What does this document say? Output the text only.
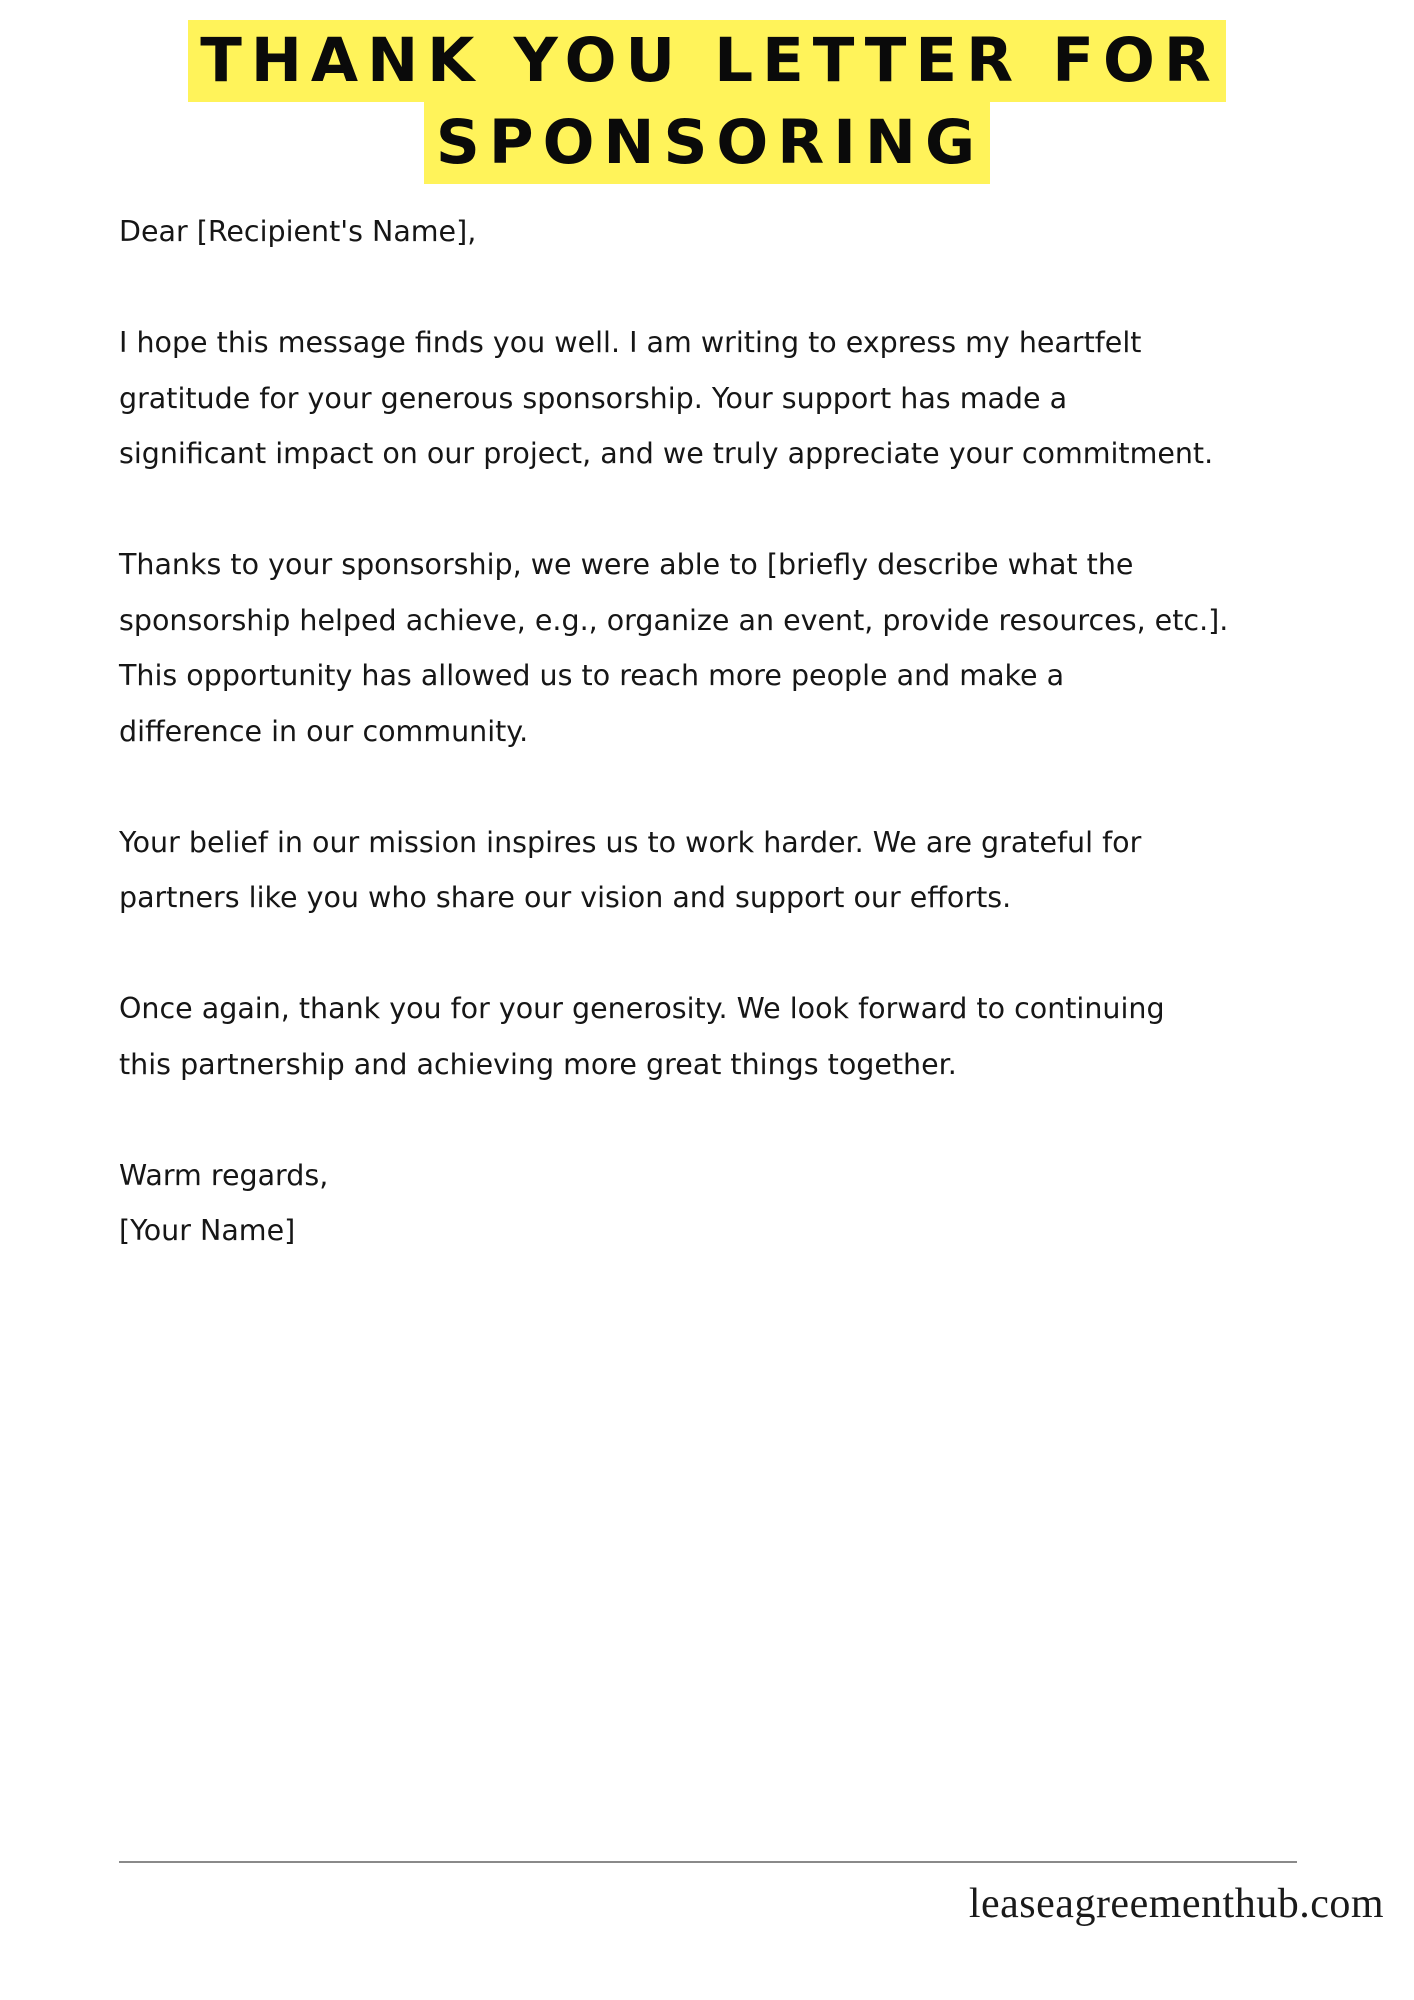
THANK YOU LETTER FOR
SPONSORING

Dear [Recipient's Name],

I hope this message finds you well. I am writing to express my heartfelt
gratitude for your generous sponsorship. Your support has made a
significant impact on our project, and we truly appreciate your commitment.

Thanks to your sponsorship, we were able to [briefly describe what the
sponsorship helped achieve, e.g., organize an event, provide resources, etc.].
This opportunity has allowed us to reach more people and make a
difference in our community.

Your belief in our mission inspires us to work harder. We are grateful for
partners like you who share our vision and support our efforts.

Once again, thank you for your generosity. We look forward to continuing
this partnership and achieving more great things together.

Warm regards,
[Your Name]

leaseagreementhub.com
